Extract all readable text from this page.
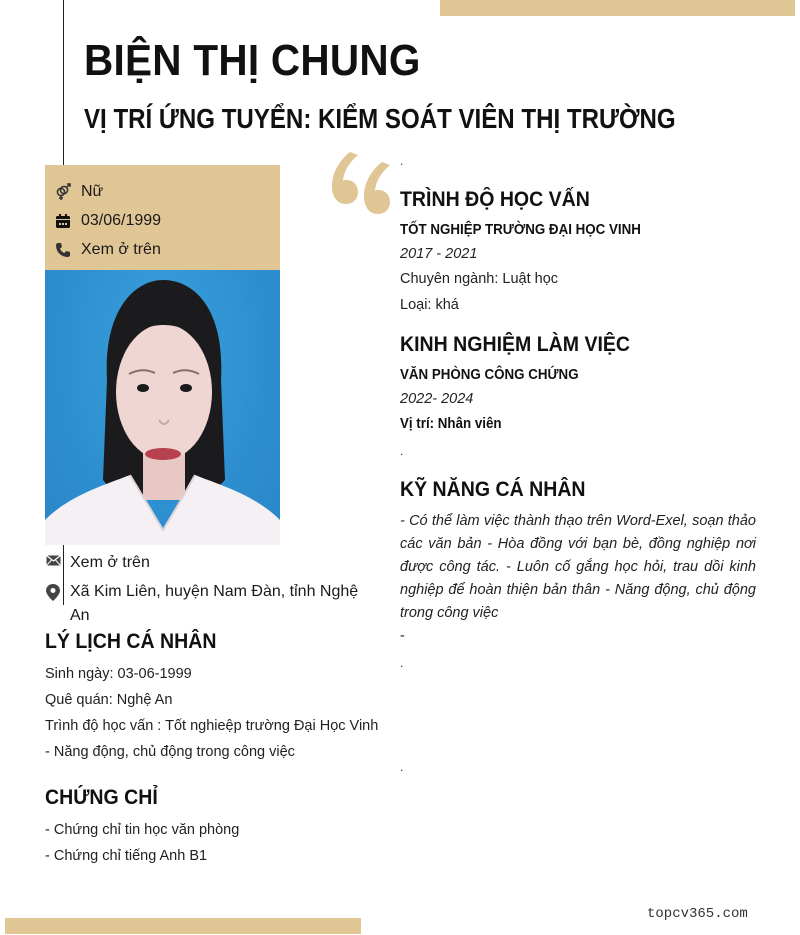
BIỆN THỊ CHUNG
VỊ TRÍ ỨNG TUYỂN: KIỂM SOÁT VIÊN THỊ TRƯỜNG
Nữ
03/06/1999
Xem ở trên
Xem ở trên
Xã Kim Liên, huyện Nam Đàn, tỉnh Nghệ
An
LÝ LỊCH CÁ NHÂN
Sinh ngày: 03-06-1999
Quê quán: Nghệ An
Trình độ học vấn : Tốt nghieệp trường Đại Học Vinh
- Năng động, chủ động trong công việc
CHỨNG CHỈ
- Chứng chỉ tin học văn phòng
- Chứng chỉ tiếng Anh B1
.
TRÌNH ĐỘ HỌC VẤN
TỐT NGHIỆP TRƯỜNG ĐẠI HỌC VINH
2017 - 2021
Chuyên ngành: Luật học
Loại: khá
KINH NGHIỆM LÀM VIỆC
VĂN PHÒNG CÔNG CHỨNG
2022- 2024
Vị trí: Nhân viên
.
KỸ NĂNG CÁ NHÂN
- Có thể làm việc thành thạo trên Word-Exel, soạn thảo các văn bản - Hòa đồng với bạn bè, đồng nghiệp nơi được công tác. - Luôn cố gắng học hỏi, trau dồi kinh nghiệp để hoàn thiện bản thân - Năng động, chủ động trong công việc
-
.
.
topcv365.com
